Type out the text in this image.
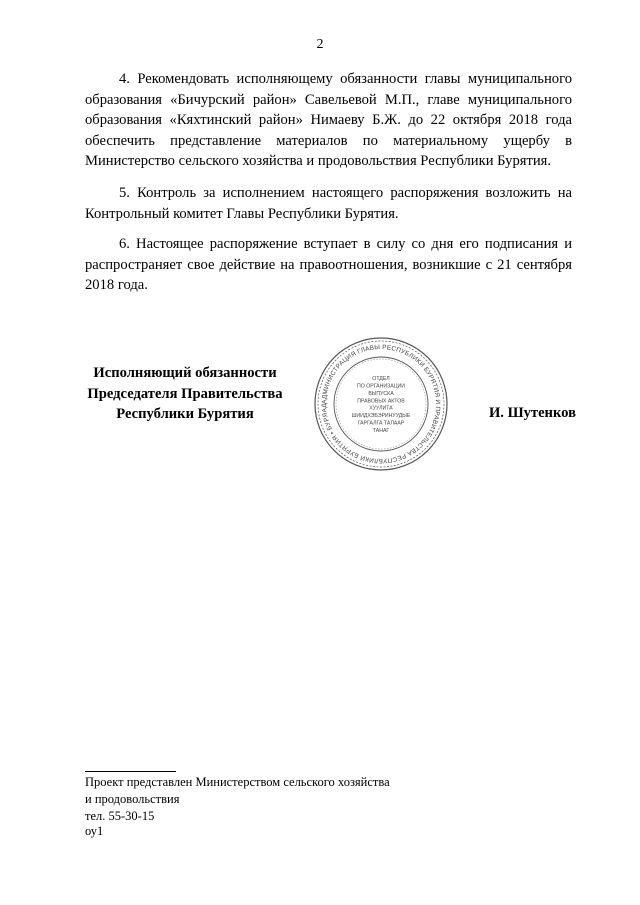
2

4. Рекомендовать исполняющему обязанности главы муниципального образования «Бичурский район» Савельевой М.П., главе муниципального образования «Кяхтинский район» Нимаеву Б.Ж. до 22 октября 2018 года обеспечить представление материалов по материальному ущербу в Министерство сельского хозяйства и продовольствия Республики Бурятия.

5. Контроль за исполнением настоящего распоряжения возложить на Контрольный комитет Главы Республики Бурятия.

6. Настоящее распоряжение вступает в силу со дня его подписания и распространяет свое действие на правоотношения, возникшие с 21 сентября 2018 года.

Исполняющий обязанности
Председателя Правительства
Республики Бурятия
АДМИНИСТРАЦИЯ ГЛАВЫ РЕСПУБЛИКИ БУРЯТИЯ И ПРАВИТЕЛЬСТВА РЕСПУБЛИКИ БУРЯТИЯ • БУРЯАД
ОТДЕЛ
ПО ОРГАНИЗАЦИИ
ВЫПУСКА
ПРАВОВЫХ АКТОВ
ХУУЛИТА
ШИИДХЭБЭРИНУУДЫЕ
ГАРГАЛГА ТАЛААР
ТАНАГ
И. Шутенков
Проект представлен Министерством сельского хозяйства
и продовольствия
тел. 55-30-15
оу1
